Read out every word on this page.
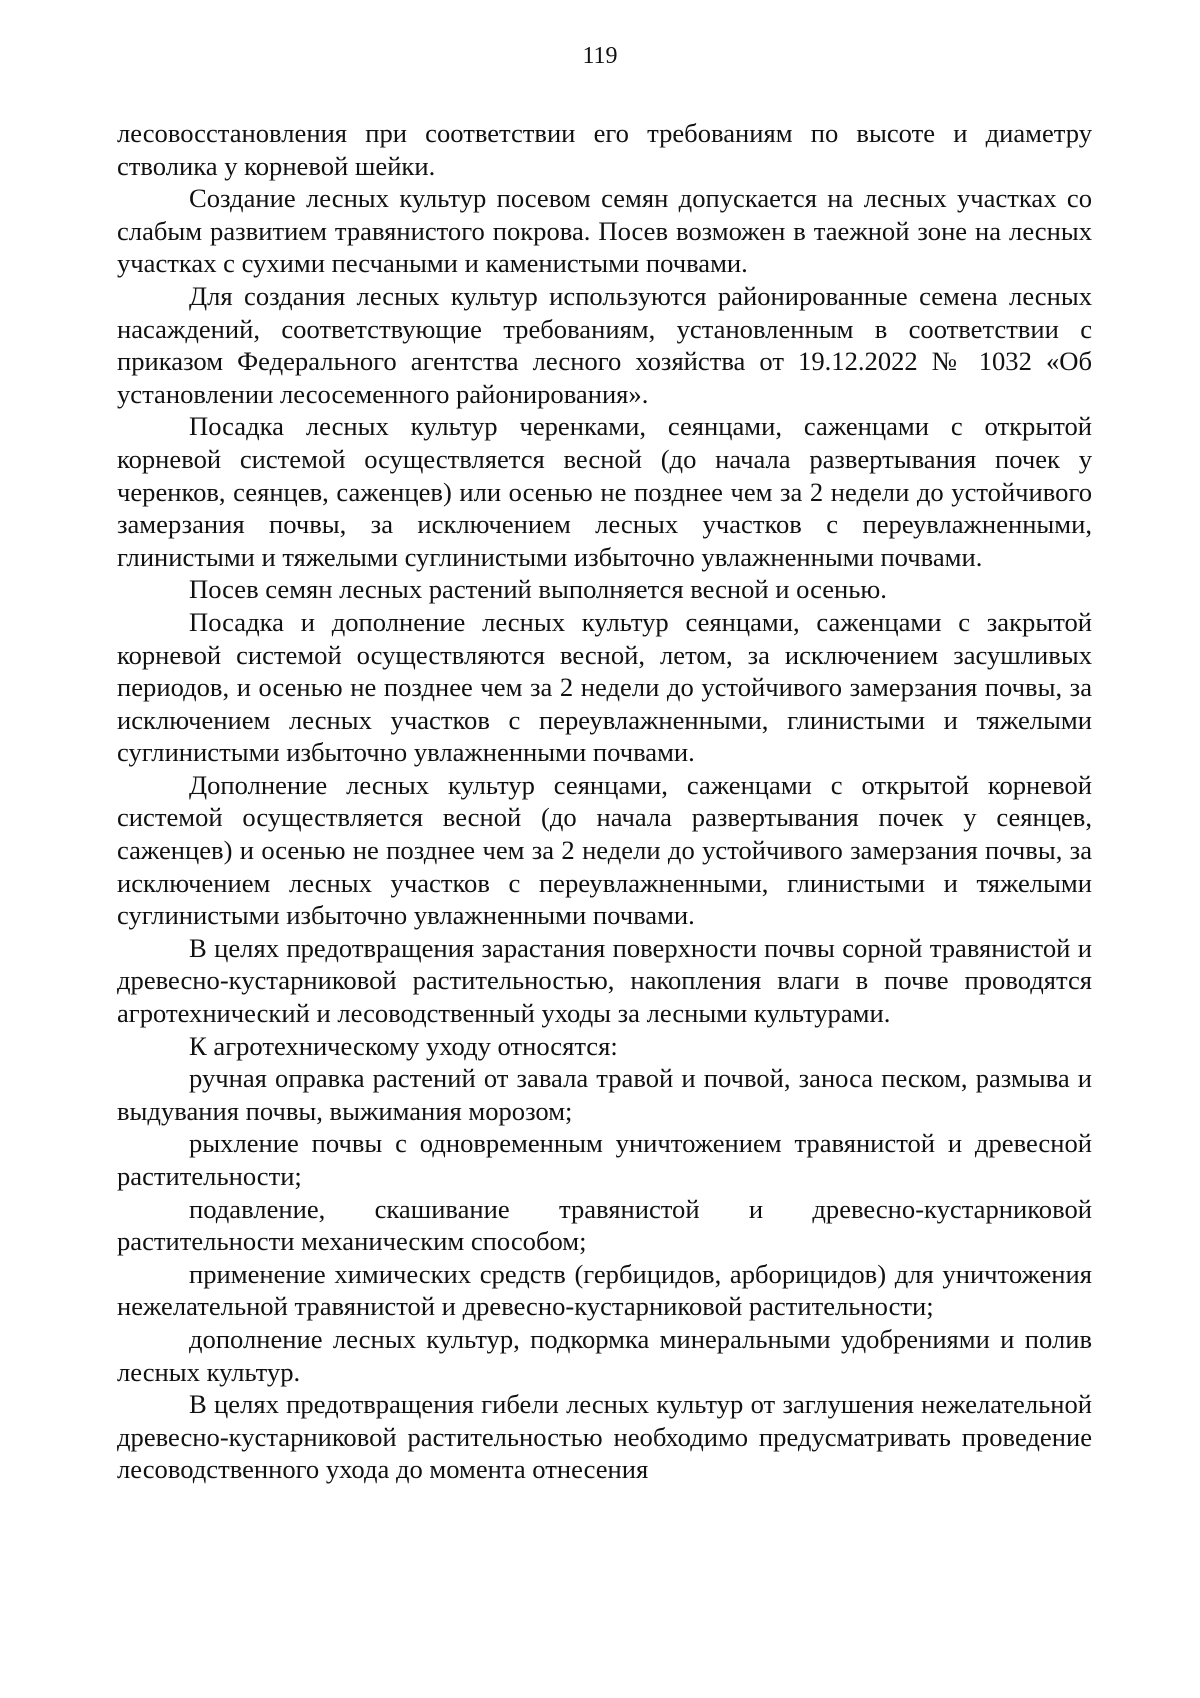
119

лесовосстановления при соответствии его требованиям по высоте и диаметру стволика у корневой шейки.

Создание лесных культур посевом семян допускается на лесных участках со слабым развитием травянистого покрова. Посев возможен в таежной зоне на лесных участках с сухими песчаными и каменистыми почвами.

Для создания лесных культур используются районированные семена лесных насаждений, соответствующие требованиям, установленным в соответствии с приказом Федерального агентства лесного хозяйства от 19.12.2022 № 1032 «Об установлении лесосеменного районирования».

Посадка лесных культур черенками, сеянцами, саженцами с открытой корневой системой осуществляется весной (до начала развертывания почек у черенков, сеянцев, саженцев) или осенью не позднее чем за 2 недели до устойчивого замерзания почвы, за исключением лесных участков с переувлажненными, глинистыми и тяжелыми суглинистыми избыточно увлажненными почвами.

Посев семян лесных растений выполняется весной и осенью.

Посадка и дополнение лесных культур сеянцами, саженцами с закрытой корневой системой осуществляются весной, летом, за исключением засушливых периодов, и осенью не позднее чем за 2 недели до устойчивого замерзания почвы, за исключением лесных участков с переувлажненными, глинистыми и тяжелыми суглинистыми избыточно увлажненными почвами.

Дополнение лесных культур сеянцами, саженцами с открытой корневой системой осуществляется весной (до начала развертывания почек у сеянцев, саженцев) и осенью не позднее чем за 2 недели до устойчивого замерзания почвы, за исключением лесных участков с переувлажненными, глинистыми и тяжелыми суглинистыми избыточно увлажненными почвами.

В целях предотвращения зарастания поверхности почвы сорной травянистой и древесно-кустарниковой растительностью, накопления влаги в почве проводятся агротехнический и лесоводственный уходы за лесными культурами.

К агротехническому уходу относятся:

ручная оправка растений от завала травой и почвой, заноса песком, размыва и выдувания почвы, выжимания морозом;

рыхление почвы с одновременным уничтожением травянистой и древесной растительности;

подавление, скашивание травянистой и древесно-кустарниковой растительности механическим способом;

применение химических средств (гербицидов, арборицидов) для уничтожения нежелательной травянистой и древесно-кустарниковой растительности;

дополнение лесных культур, подкормка минеральными удобрениями и полив лесных культур.

В целях предотвращения гибели лесных культур от заглушения нежелательной древесно-кустарниковой растительностью необходимо предусматривать проведение лесоводственного ухода до момента отнесения
